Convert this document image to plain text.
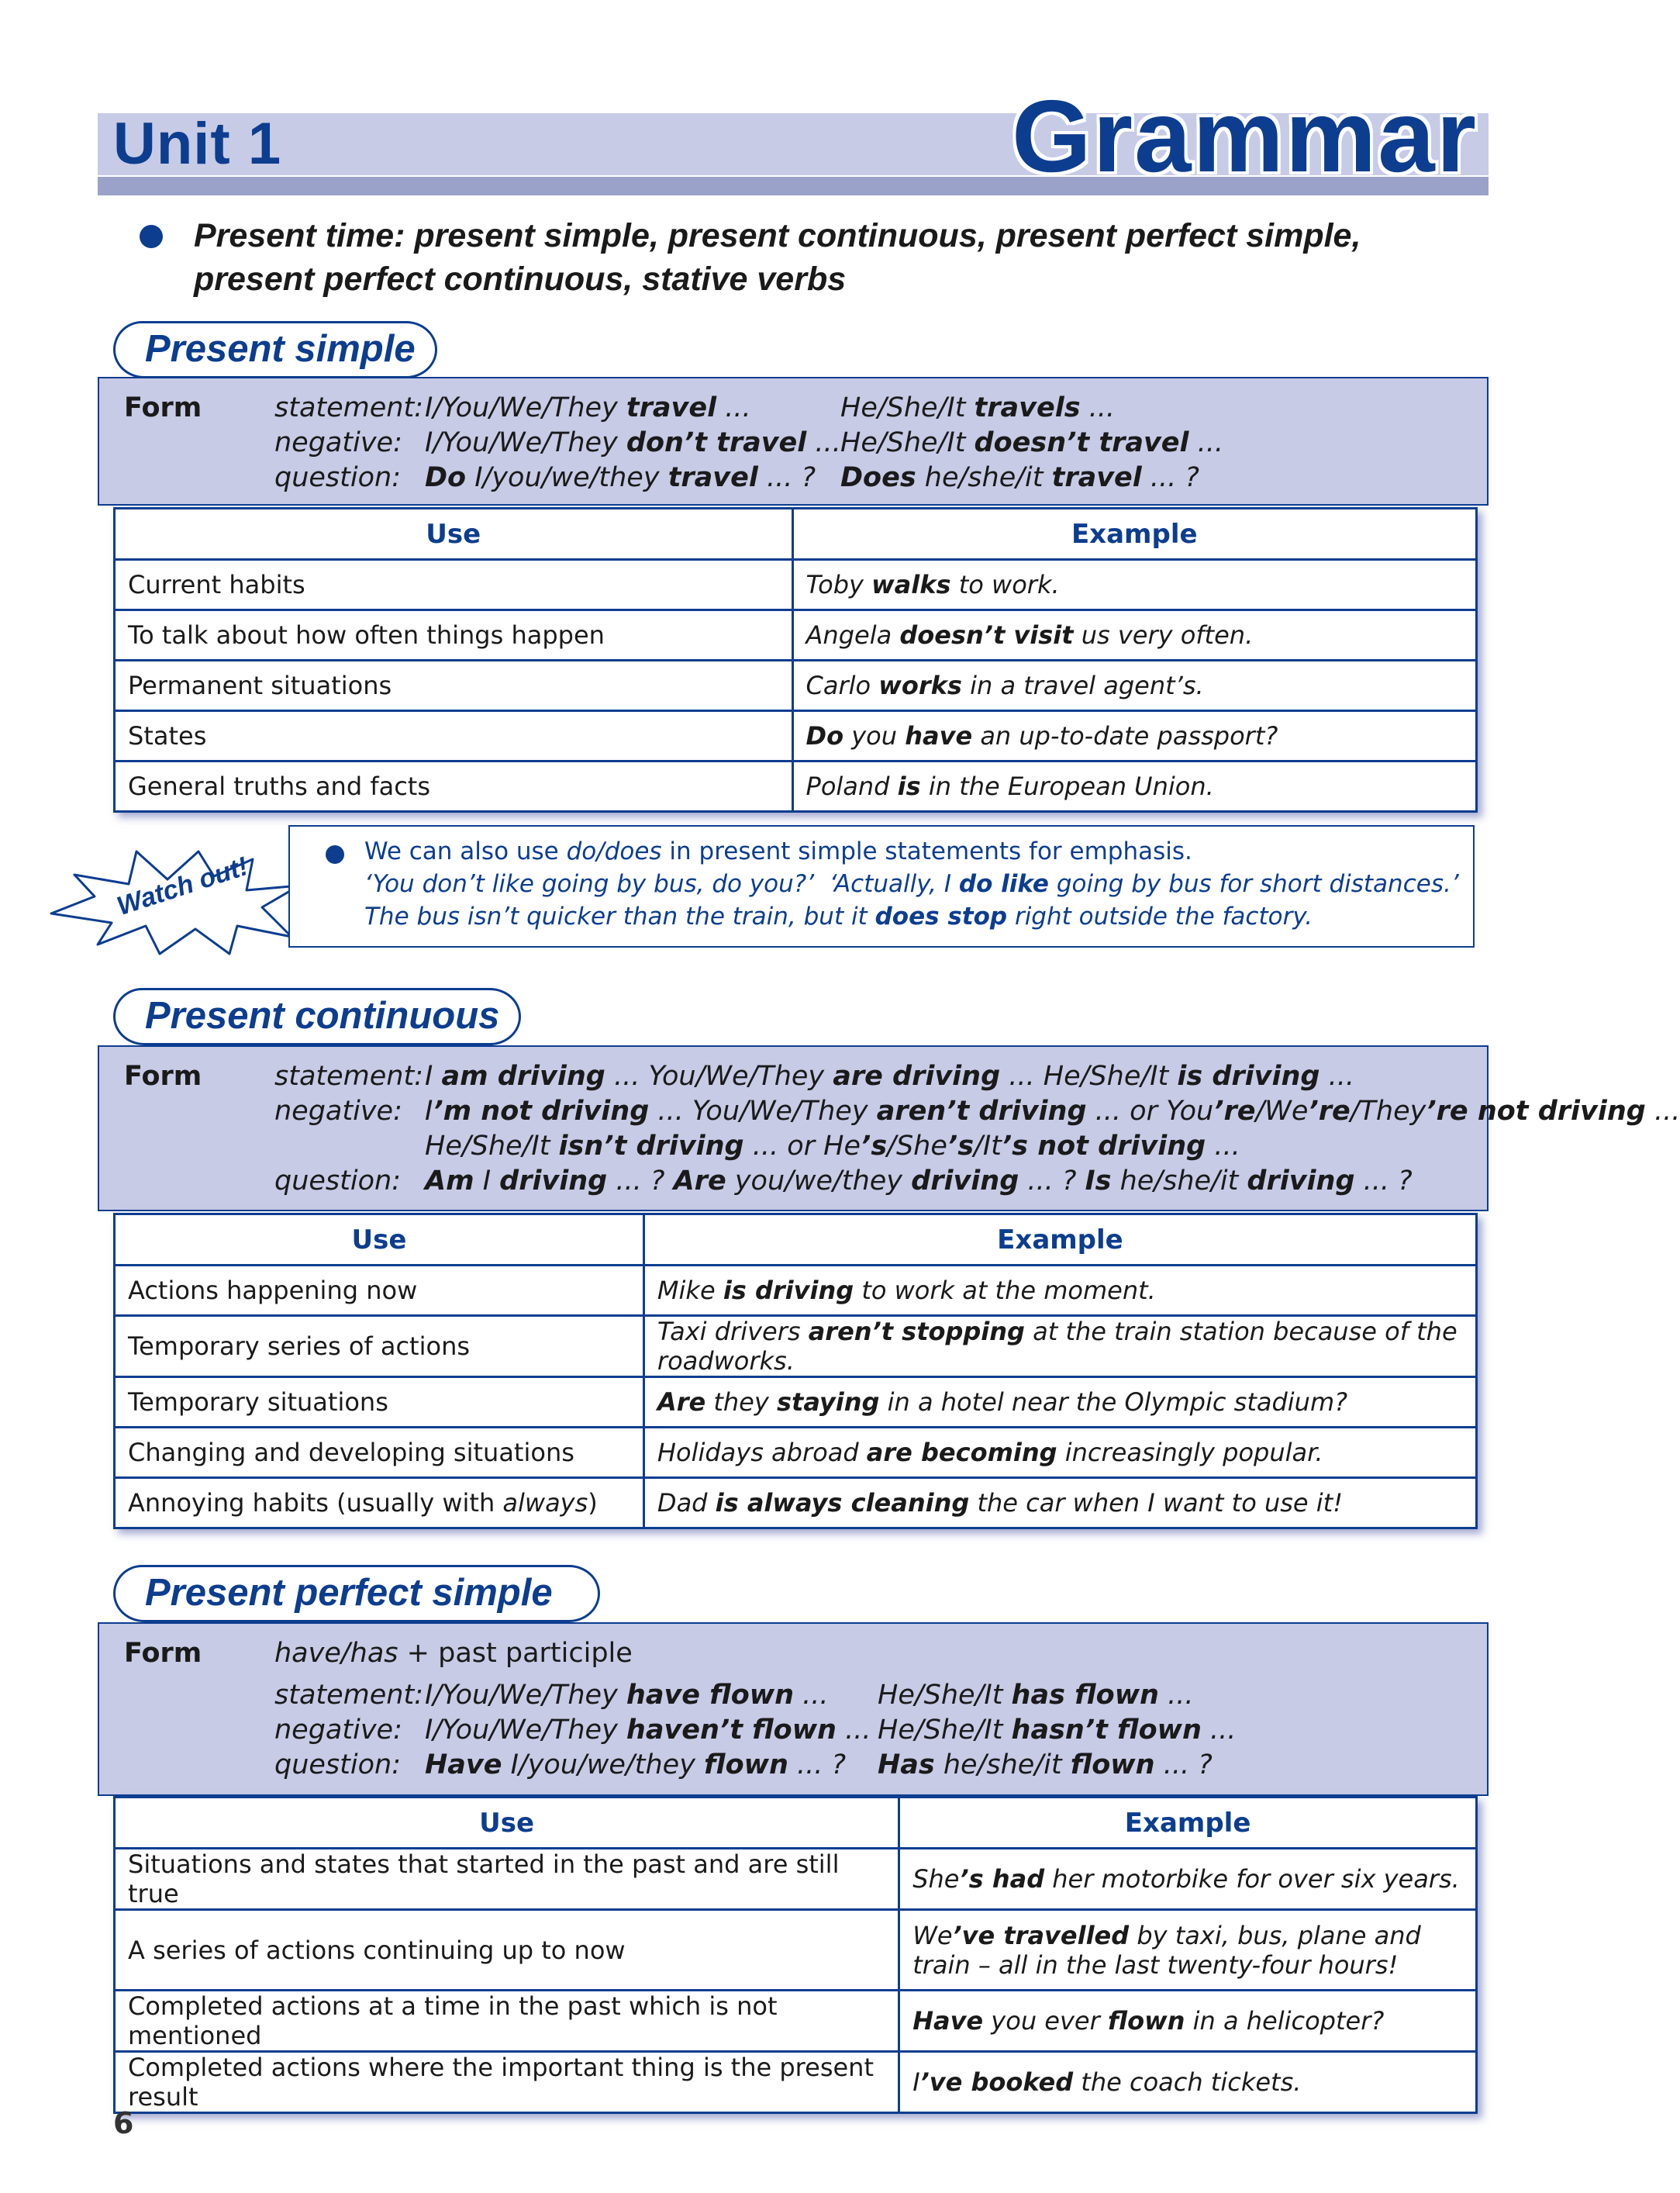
Unit 1	Grammar
Present time: present simple, present continuous, present perfect simple,
present perfect continuous, stative verbs
Present simple
Form	statement: I/You/We/They travel ...	He/She/It travels ...
negative: I/You/We/They don’t travel ... He/She/It doesn’t travel ...
question: Do I/you/we/they travel ... ? Does he/she/it travel ... ?
Use	Example
Current habits	Toby walks to work.
To talk about how often things happen	Angela doesn’t visit us very often.
Permanent situations	Carlo works in a travel agent’s.
States	Do you have an up-to-date passport?
General truths and facts	Poland is in the European Union.
Watch out!	We can also use do/does in present simple statements for emphasis.
‘You don’t like going by bus, do you?’  ‘Actually, I do like going by bus for short distances.’
The bus isn’t quicker than the train, but it does stop right outside the factory.
Present continuous
Form	statement: I am driving ... You/We/They are driving ... He/She/It is driving ...
negative: I’m not driving ... You/We/They aren’t driving ... or You’re/We’re/They’re not driving ...
He/She/It isn’t driving ... or He’s/She’s/It’s not driving ...
question: Am I driving ... ? Are you/we/they driving ... ? Is he/she/it driving ... ?
Use	Example
Actions happening now	Mike is driving to work at the moment.
Temporary series of actions	Taxi drivers aren’t stopping at the train station because of the roadworks.
Temporary situations	Are they staying in a hotel near the Olympic stadium?
Changing and developing situations	Holidays abroad are becoming increasingly popular.
Annoying habits (usually with always)	Dad is always cleaning the car when I want to use it!
Present perfect simple
Form	have/has + past participle
statement: I/You/We/They have flown ... He/She/It has flown ...
negative: I/You/We/They haven’t flown ... He/She/It hasn’t flown ...
question: Have I/you/we/they flown ... ? Has he/she/it flown ... ?
Use	Example
Situations and states that started in the past and are still true	She’s had her motorbike for over six years.
A series of actions continuing up to now	We’ve travelled by taxi, bus, plane and train – all in the last twenty-four hours!
Completed actions at a time in the past which is not mentioned	Have you ever flown in a helicopter?
Completed actions where the important thing is the present result	I’ve booked the coach tickets.
6
